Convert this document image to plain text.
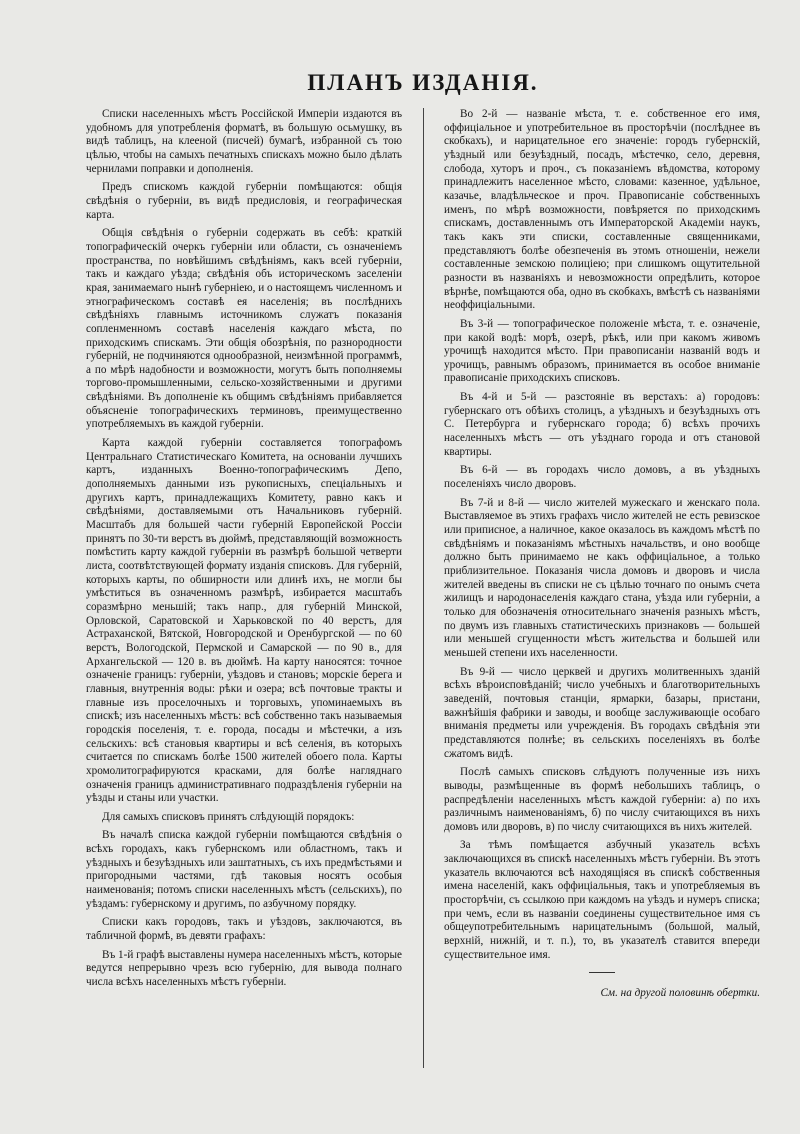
ПЛАНЪ ИЗДАНІЯ.

Списки населенныхъ мѣстъ Россійской Имперіи издаются въ удобномъ для употребленія форматѣ, въ большую осьмушку, въ видѣ таблицъ, на клееной (писчей) бумагѣ, избранной съ тою цѣлью, чтобы на самыхъ печатныхъ спискахъ можно было дѣлать чернилами поправки и дополненія.

Предъ спискомъ каждой губерніи помѣщаются: общія свѣдѣнія о губерніи, въ видѣ предисловія, и географическая карта.

Общія свѣдѣнія о губерніи содержать въ себѣ: краткій топографическій очеркъ губерніи или области, съ означеніемъ пространства, по новѣйшимъ свѣдѣніямъ, какъ всей губерніи, такъ и каждаго уѣзда; свѣдѣнія объ историческомъ заселеніи края, занимаемаго нынѣ губерніею, и о настоящемъ численномъ и этнографическомъ составѣ ея населенія; въ послѣднихъ свѣдѣніяхъ главнымъ источникомъ служатъ показанія сопленменномъ составѣ населенія каждаго мѣста, по приходскимъ спискамъ. Эти общія обозрѣнія, по разнородности губерній, не подчиняются однообразной, неизмѣнной программѣ, а по мѣрѣ надобности и возможности, могутъ быть пополняемы торгово-промышленными, сельско-хозяйственными и другими свѣдѣніями. Въ дополненіе къ общимъ свѣдѣніямъ прибавляется объясненіе топографическихъ терминовъ, преимущественно употребляемыхъ въ каждой губерніи.

Карта каждой губерніи составляется топографомъ Центральнаго Статистическаго Комитета, на основаніи лучшихъ картъ, изданныхъ Военно-топографическимъ Депо, дополняемыхъ данными изъ рукописныхъ, спеціальныхъ и другихъ картъ, принадлежащихъ Комитету, равно какъ и свѣдѣніями, доставляемыми отъ Начальниковъ губерній. Масштабъ для большей части губерній Европейской Россіи принятъ по 30-ти верстъ въ дюймѣ, представляющій возможность помѣстить карту каждой губерніи въ размѣрѣ большой четверти листа, соотвѣтствующей формату изданія списковъ. Для губерній, которыхъ карты, по обширности или длинѣ ихъ, не могли бы умѣститься въ означенномъ размѣрѣ, избирается масштабъ соразмѣрно меньшій; такъ напр., для губерній Минской, Орловской, Саратовской и Харьковской по 40 верстъ, для Астраханской, Вятской, Новгородской и Оренбургской — по 60 верстъ, Вологодской, Пермской и Самарской — по 90 в., для Архангельской — 120 в. въ дюймѣ. На карту наносятся: точное означеніе границъ: губерніи, уѣздовъ и становъ; морскіе берега и главныя, внутреннія воды: рѣки и озера; всѣ почтовые тракты и главные изъ проселочныхъ и торговыхъ, упоминаемыхъ въ спискѣ; изъ населенныхъ мѣстъ: всѣ собственно такъ называемыя городскія поселенія, т. е. города, посады и мѣстечки, а изъ сельскихъ: всѣ становыя квартиры и всѣ селенія, въ которыхъ считается по спискамъ болѣе 1500 жителей обоего пола. Карты хромолитографируются красками, для болѣе нагляднаго означенія границъ административнаго подраздѣленія губерніи на уѣзды и станы или участки.

Для самыхъ списковъ принятъ слѣдующій порядокъ:

Въ началѣ списка каждой губерніи помѣщаются свѣдѣнія о всѣхъ городахъ, какъ губернскомъ или областномъ, такъ и уѣздныхъ и безуѣздныхъ или заштатныхъ, съ ихъ предмѣстьями и пригородными частями, гдѣ таковыя носятъ особыя наименованія; потомъ списки населенныхъ мѣстъ (сельскихъ), по уѣздамъ: губернскому и другимъ, по азбучному порядку.

Списки какъ городовъ, такъ и уѣздовъ, заключаются, въ табличной формѣ, въ девяти графахъ:

Въ 1-й графѣ выставлены нумера населенныхъ мѣстъ, которые ведутся непрерывно чрезъ всю губернію, для вывода полнаго числа всѣхъ населенныхъ мѣстъ губерніи.

Во 2-й — названіе мѣста, т. е. собственное его имя, оффиціальное и употребительное въ просторѣчіи (послѣднее въ скобкахъ), и нарицательное его значеніе: городъ губернскій, уѣздный или безуѣздный, посадъ, мѣстечко, село, деревня, слобода, хуторъ и проч., съ показаніемъ вѣдомства, которому принадлежитъ населенное мѣсто, словами: казенное, удѣльное, казачье, владѣльческое и проч. Правописаніе собственныхъ именъ, по мѣрѣ возможности, повѣряется по приходскимъ спискамъ, доставленнымъ отъ Императорской Академіи наукъ, такъ какъ эти списки, составленные священниками, представляютъ болѣе обезпеченія въ этомъ отношеніи, нежели составленные земскою полиціею; при слишкомъ ощутительной разности въ названіяхъ и невозможности опредѣлить, которое вѣрнѣе, помѣщаются оба, одно въ скобкахъ, вмѣстѣ съ названіями неоффиціальными.

Въ 3-й — топографическое положеніе мѣста, т. е. означеніе, при какой водѣ: морѣ, озерѣ, рѣкѣ, или при какомъ живомъ урочищѣ находится мѣсто. При правописаніи названій водъ и урочищъ, равнымъ образомъ, принимается въ особое вниманіе правописаніе приходскихъ списковъ.

Въ 4-й и 5-й — разстояніе въ верстахъ: а) городовъ: губернскаго отъ обѣихъ столицъ, а уѣздныхъ и безуѣздныхъ отъ С. Петербурга и губернскаго города; б) всѣхъ прочихъ населенныхъ мѣстъ — отъ уѣзднаго города и отъ становой квартиры.

Въ 6-й — въ городахъ число домовъ, а въ уѣздныхъ поселеніяхъ число дворовъ.

Въ 7-й и 8-й — число жителей мужескаго и женскаго пола. Выставляемое въ этихъ графахъ число жителей не есть ревизское или приписное, а наличное, какое оказалось въ каждомъ мѣстѣ по свѣдѣніямъ и показаніямъ мѣстныхъ начальствъ, и оно вообще должно быть принимаемо не какъ оффиціальное, а только приблизительное. Показанія числа домовъ и дворовъ и числа жителей введены въ списки не съ цѣлью точнаго по онымъ счета жилищъ и народонаселенія каждаго стана, уѣзда или губерніи, а только для обозначенія относительнаго значенія разныхъ мѣстъ, по двумъ изъ главныхъ статистическихъ признаковъ — большей или меньшей сгущенности мѣстъ жительства и большей или меньшей степени ихъ населенности.

Въ 9-й — число церквей и другихъ молитвенныхъ зданій всѣхъ вѣроисповѣданій; число учебныхъ и благотворительныхъ заведеній, почтовыя станціи, ярмарки, базары, пристани, важнѣйшія фабрики и заводы, и вообще заслуживающіе особаго вниманія предметы или учрежденія. Въ городахъ свѣдѣнія эти представляются полнѣе; въ сельскихъ поселеніяхъ въ болѣе сжатомъ видѣ.

Послѣ самыхъ списковъ слѣдуютъ полученные изъ нихъ выводы, размѣщенные въ формѣ небольшихъ таблицъ, о распредѣленіи населенныхъ мѣстъ каждой губерніи: а) по ихъ различнымъ наименованіямъ, б) по числу считающихся въ нихъ домовъ или дворовъ, в) по числу считающихся въ нихъ жителей.

За тѣмъ помѣщается азбучный указатель всѣхъ заключающихся въ спискѣ населенныхъ мѣстъ губерніи. Въ этотъ указатель включаются всѣ находящіяся въ спискѣ собственныя имена населеній, какъ оффиціальныя, такъ и употребляемыя въ просторѣчіи, съ ссылкою при каждомъ на уѣздъ и нумеръ списка; при чемъ, если въ названіи соединены существительное имя съ общеупотребительнымъ нарицательнымъ (большой, малый, верхній, нижній, и т. п.), то, въ указателѣ ставится впереди существительное имя.

См. на другой половинѣ обертки.
